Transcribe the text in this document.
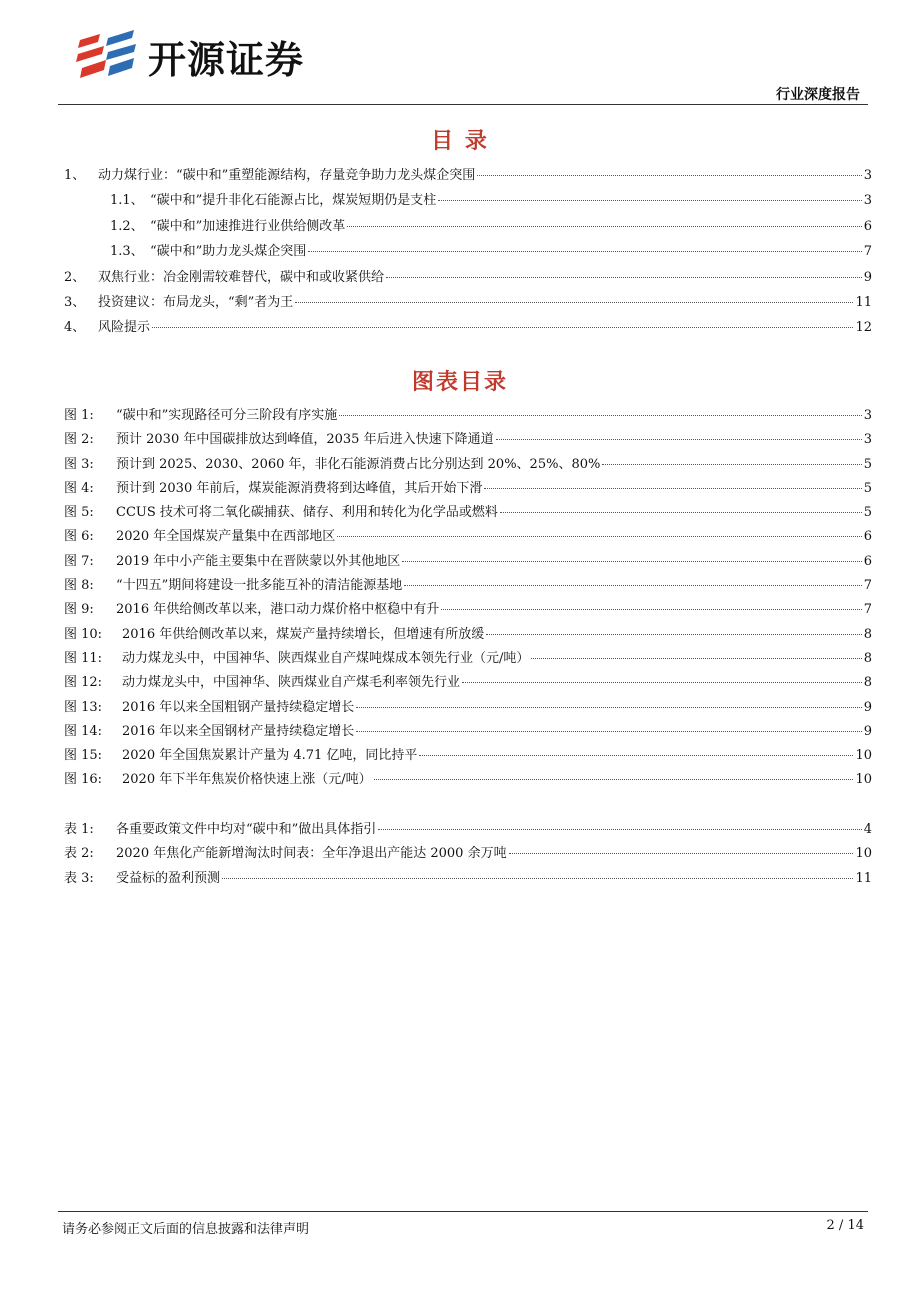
开源证券
行业深度报告
目 录
1、 动力煤行业：“碳中和”重塑能源结构，存量竞争助力龙头煤企突围	3
1.1、 “碳中和”提升非化石能源占比，煤炭短期仍是支柱	3
1.2、 “碳中和”加速推进行业供给侧改革	6
1.3、 “碳中和”助力龙头煤企突围	7
2、 双焦行业：冶金刚需较难替代，碳中和或收紧供给	9
3、 投资建议：布局龙头，“剩”者为王	11
4、 风险提示	12
图表目录
图 1:	“碳中和”实现路径可分三阶段有序实施	3
图 2:	预计 2030 年中国碳排放达到峰值，2035 年后进入快速下降通道	3
图 3:	预计到 2025、2030、2060 年，非化石能源消费占比分别达到 20%、25%、80%	5
图 4:	预计到 2030 年前后，煤炭能源消费将到达峰值，其后开始下滑	5
图 5:	CCUS 技术可将二氧化碳捕获、储存、利用和转化为化学品或燃料	5
图 6:	2020 年全国煤炭产量集中在西部地区	6
图 7:	2019 年中小产能主要集中在晋陕蒙以外其他地区	6
图 8:	“十四五”期间将建设一批多能互补的清洁能源基地	7
图 9:	2016 年供给侧改革以来，港口动力煤价格中枢稳中有升	7
图 10:	2016 年供给侧改革以来，煤炭产量持续增长，但增速有所放缓	8
图 11:	动力煤龙头中，中国神华、陕西煤业自产煤吨煤成本领先行业（元/吨）	8
图 12:	动力煤龙头中，中国神华、陕西煤业自产煤毛利率领先行业	8
图 13:	2016 年以来全国粗钢产量持续稳定增长	9
图 14:	2016 年以来全国钢材产量持续稳定增长	9
图 15:	2020 年全国焦炭累计产量为 4.71 亿吨，同比持平	10
图 16:	2020 年下半年焦炭价格快速上涨（元/吨）	10
表 1:	各重要政策文件中均对“碳中和”做出具体指引	4
表 2:	2020 年焦化产能新增淘汰时间表：全年净退出产能达 2000 余万吨	10
表 3:	受益标的盈利预测	11
请务必参阅正文后面的信息披露和法律声明	2 / 14
